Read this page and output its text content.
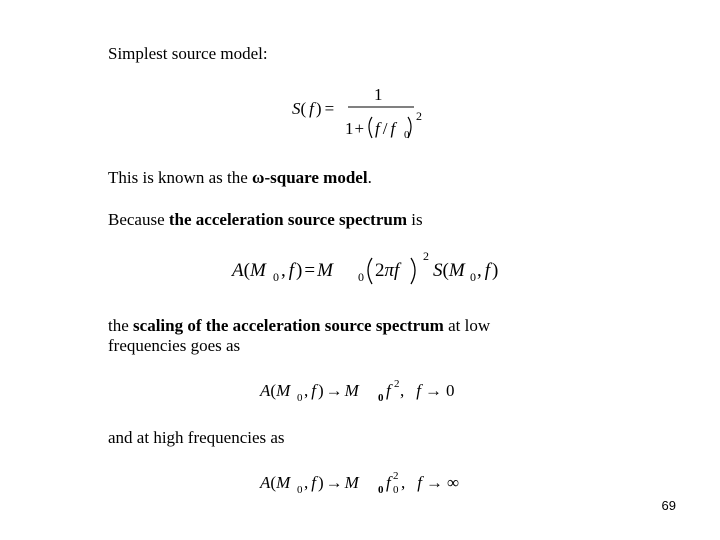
Simplest source model:
S( f ) =
1
1+ f / f 0
2
This is known as the ω-square model.
Because the acceleration source spectrum is
A(M 0 , f ) = M 0 2πf
2
S(M 0 , f )
the scaling of the acceleration source spectrum at low
frequencies goes as
A(M 0 , f ) → M 0 f 2 , f → 0
and at high frequencies as
A(M 0 , f ) → M 0 f 0
2 , f → ∞
69
